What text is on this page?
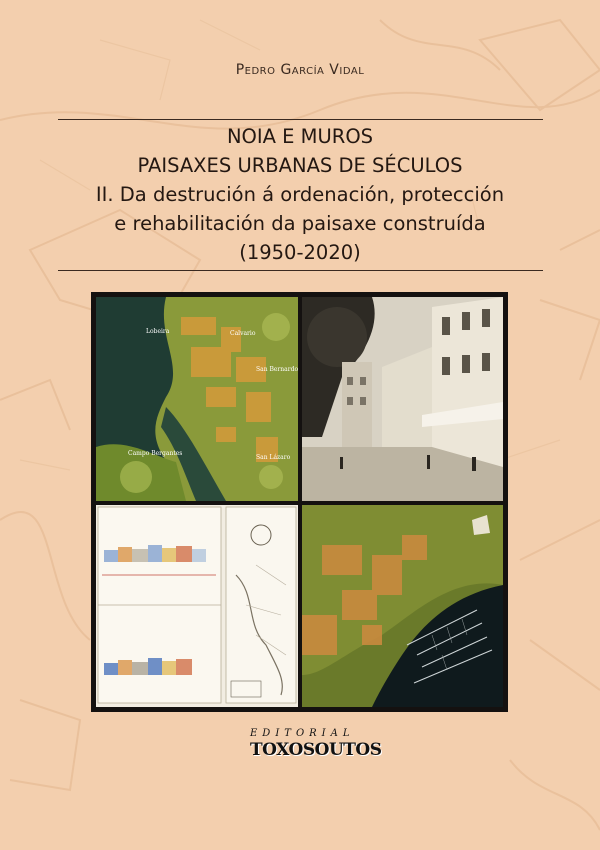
Pedro García Vidal
NOIA E MUROS
PAISAXES URBANAS DE SÉCULOS
II. Da destrución á ordenación, protección
e rehabilitación da paisaxe construída
(1950-2020)
Lobeira	Calvario
San Bernardo
Campo Bergantes
San Lázaro
EDITORIAL
TOXOSOUTOS
